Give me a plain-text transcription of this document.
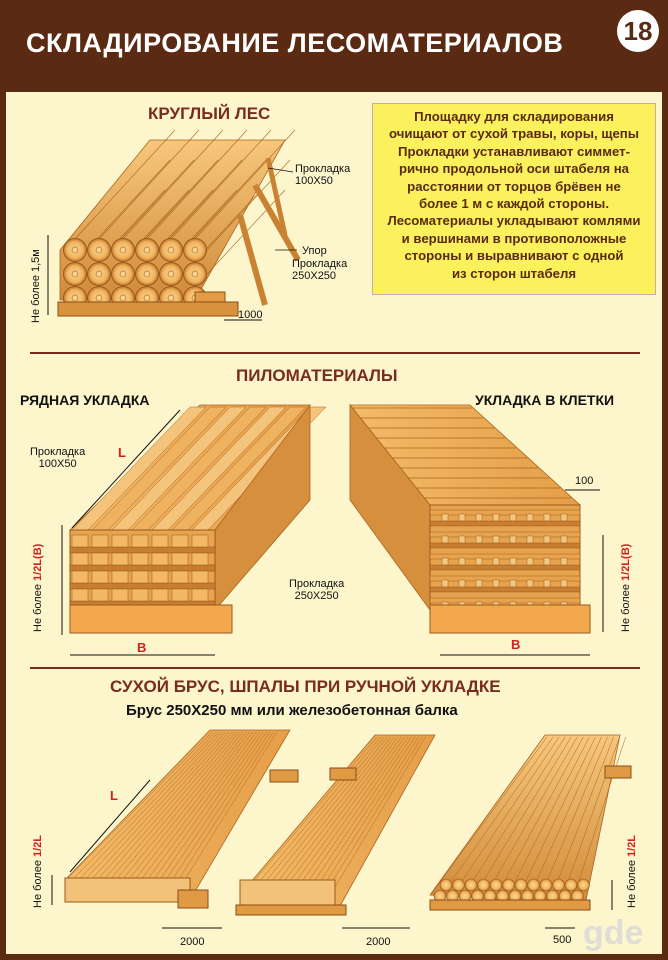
СКЛАДИРОВАНИЕ ЛЕСОМАТЕРИАЛОВ 18
КРУГЛЫЙ ЛЕС
Прокладка
100Х50
Упор
Прокладка
250Х250
1000
Не более 1,5м
Площадку для складирования
очищают от сухой травы, коры, щепы
Прокладки устанавливают симмет-
рично продольной оси штабеля на
расстоянии от торцов брёвен не
более 1 м с каждой стороны.
Лесоматериалы укладывают комлями
и вершинами в противоположные
стороны и выравнивают с одной
из сторон штабеля
ПИЛОМАТЕРИАЛЫ
РЯДНАЯ УКЛАДКА	УКЛАДКА В КЛЕТКИ
Прокладка
100Х50
Прокладка
250Х250
L
B	B
100
Не более 1/2L(B)
Не более 1/2L(B)
СУХОЙ БРУС, ШПАЛЫ ПРИ РУЧНОЙ УКЛАДКЕ
Брус 250Х250 мм или железобетонная балка
L
2000	2000	500
Не более 1/2L
Не более 1/2L
gde
